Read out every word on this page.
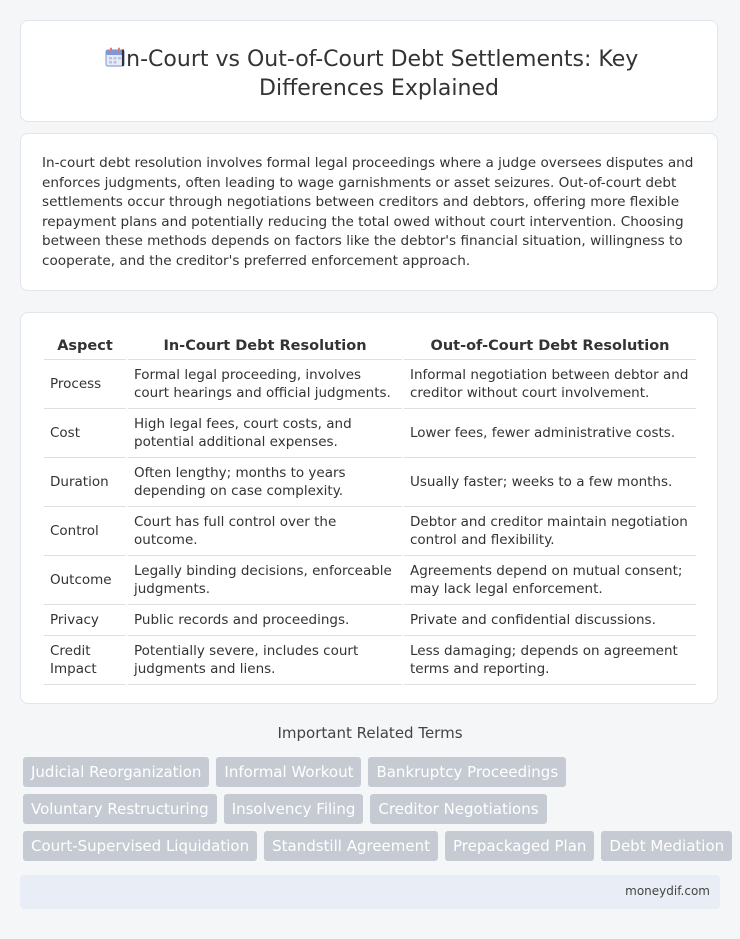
In-Court vs Out-of-Court Debt Settlements: Key Differences Explained
In-court debt resolution involves formal legal proceedings where a judge oversees disputes and enforces judgments, often leading to wage garnishments or asset seizures. Out-of-court debt settlements occur through negotiations between creditors and debtors, offering more flexible repayment plans and potentially reducing the total owed without court intervention. Choosing between these methods depends on factors like the debtor's financial situation, willingness to cooperate, and the creditor's preferred enforcement approach.
Aspect	In-Court Debt Resolution	Out-of-Court Debt Resolution
Process	Formal legal proceeding, involves court hearings and official judgments.	Informal negotiation between debtor and creditor without court involvement.
Cost	High legal fees, court costs, and potential additional expenses.	Lower fees, fewer administrative costs.
Duration	Often lengthy; months to years depending on case complexity.	Usually faster; weeks to a few months.
Control	Court has full control over the outcome.	Debtor and creditor maintain negotiation control and flexibility.
Outcome	Legally binding decisions, enforceable judgments.	Agreements depend on mutual consent; may lack legal enforcement.
Privacy	Public records and proceedings.	Private and confidential discussions.
Credit Impact	Potentially severe, includes court judgments and liens.	Less damaging; depends on agreement terms and reporting.
Important Related Terms
Judicial Reorganization	Informal Workout	Bankruptcy Proceedings
Voluntary Restructuring	Insolvency Filing	Creditor Negotiations
Court-Supervised Liquidation	Standstill Agreement	Prepackaged Plan	Debt Mediation
moneydif.com
